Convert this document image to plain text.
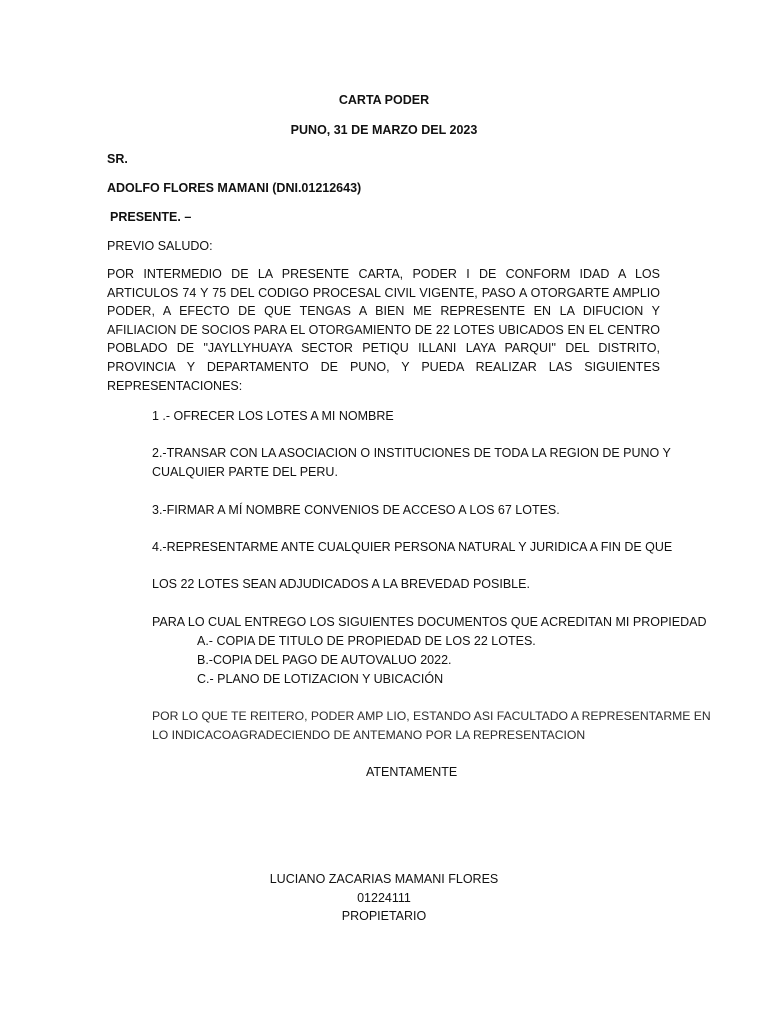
CARTA PODER
PUNO, 31 DE MARZO DEL 2023
SR.
ADOLFO FLORES MAMANI (DNI.01212643)
PRESENTE. –
PREVIO SALUDO:
POR INTERMEDIO DE LA PRESENTE CARTA, PODER I DE CONFORM IDAD A LOS ARTICULOS 74 Y 75 DEL CODIGO PROCESAL CIVIL VIGENTE, PASO A OTORGARTE AMPLIO PODER, A EFECTO DE QUE TENGAS A BIEN ME REPRESENTE EN LA DIFUCION Y AFILIACION DE SOCIOS PARA EL OTORGAMIENTO DE 22 LOTES UBICADOS EN EL CENTRO POBLADO DE "JAYLLYHUAYA SECTOR PETIQU ILLANI LAYA PARQUI" DEL DISTRITO, PROVINCIA Y DEPARTAMENTO DE PUNO, Y PUEDA REALIZAR LAS SIGUIENTES REPRESENTACIONES:
1 .- OFRECER LOS LOTES A MI NOMBRE
2.-TRANSAR CON LA ASOCIACION O INSTITUCIONES DE TODA LA REGION DE PUNO Y
CUALQUIER PARTE DEL PERU.
3.-FIRMAR A MÍ NOMBRE CONVENIOS DE ACCESO A LOS 67 LOTES.
4.-REPRESENTARME ANTE CUALQUIER PERSONA NATURAL Y JURIDICA A FIN DE QUE
LOS 22 LOTES SEAN ADJUDICADOS A LA BREVEDAD POSIBLE.
PARA LO CUAL ENTREGO LOS SIGUIENTES DOCUMENTOS QUE ACREDITAN MI PROPIEDAD
A.- COPIA DE TITULO DE PROPIEDAD DE LOS 22 LOTES.
B.-COPIA DEL PAGO DE AUTOVALUO 2022.
C.- PLANO DE LOTIZACION Y UBICACIÓN
POR LO QUE TE REITERO, PODER AMP LIO, ESTANDO ASI FACULTADO A REPRESENTARME EN
LO INDICACOAGRADECIENDO DE ANTEMANO POR LA REPRESENTACION
ATENTAMENTE
LUCIANO ZACARIAS MAMANI FLORES
01224111
PROPIETARIO
